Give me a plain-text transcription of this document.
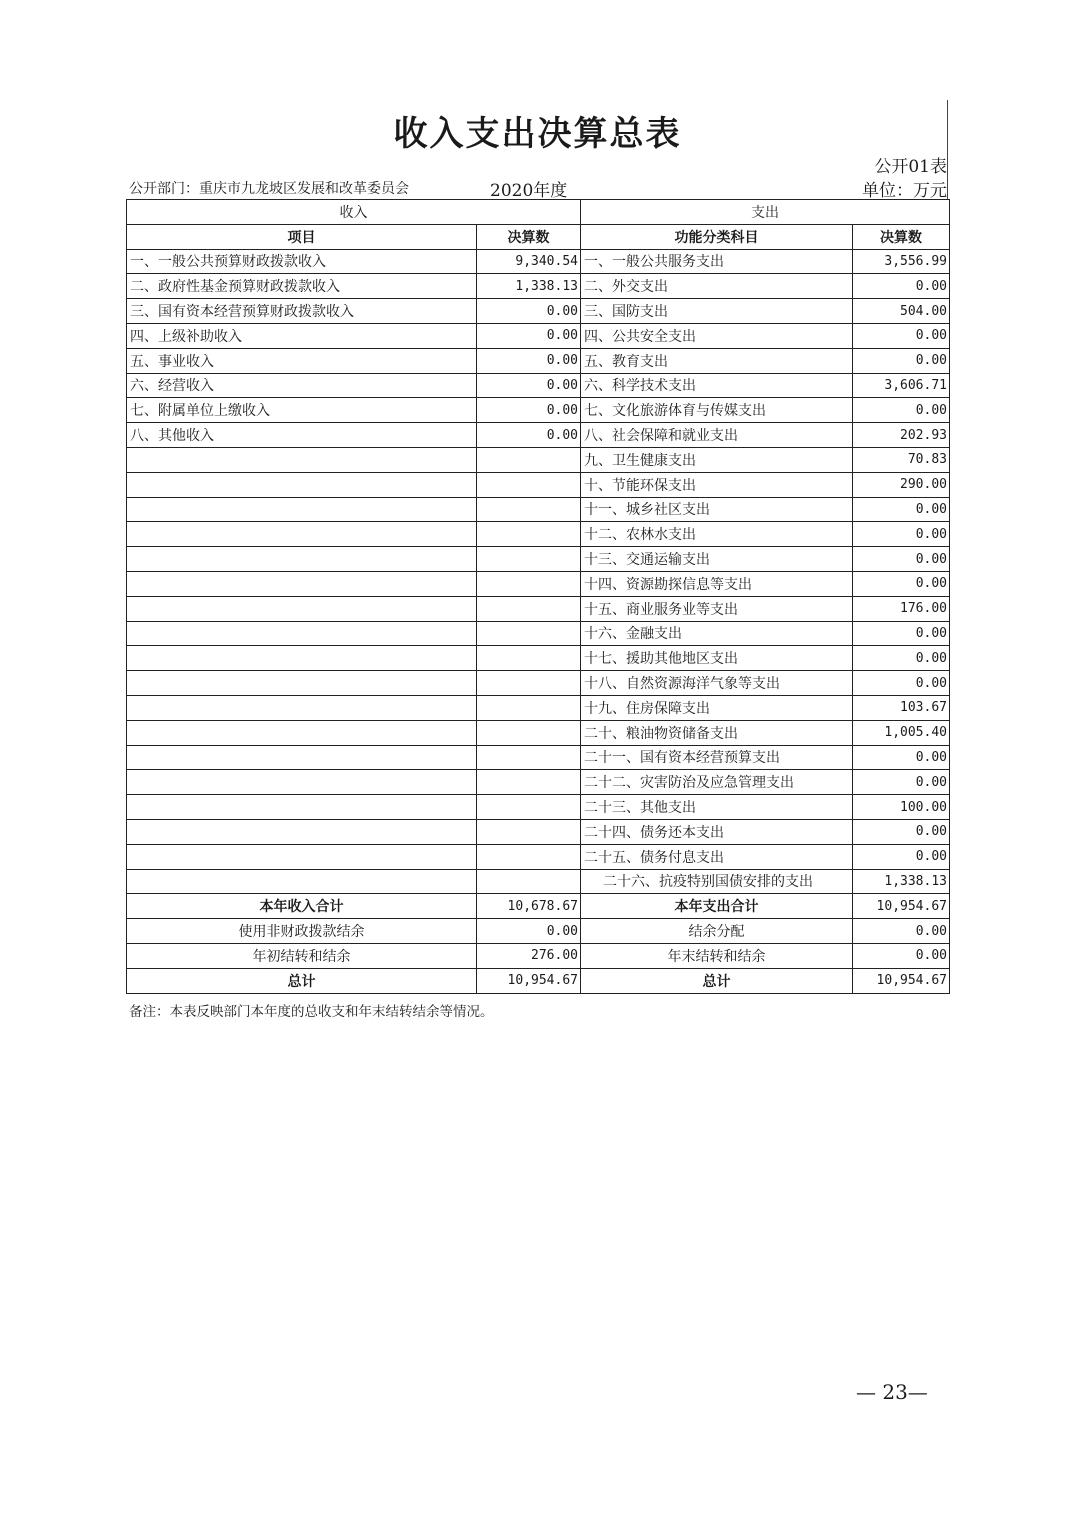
收入支出决算总表
公开01表
公开部门：重庆市九龙坡区发展和改革委员会	2020年度	单位：万元
收入		支出	
项目	决算数	功能分类科目	决算数
一、一般公共预算财政拨款收入	9,340.54	一、一般公共服务支出	3,556.99
二、政府性基金预算财政拨款收入	1,338.13	二、外交支出	0.00
三、国有资本经营预算财政拨款收入	0.00	三、国防支出	504.00
四、上级补助收入	0.00	四、公共安全支出	0.00
五、事业收入	0.00	五、教育支出	0.00
六、经营收入	0.00	六、科学技术支出	3,606.71
七、附属单位上缴收入	0.00	七、文化旅游体育与传媒支出	0.00
八、其他收入	0.00	八、社会保障和就业支出	202.93
		九、卫生健康支出	70.83
		十、节能环保支出	290.00
		十一、城乡社区支出	0.00
		十二、农林水支出	0.00
		十三、交通运输支出	0.00
		十四、资源勘探信息等支出	0.00
		十五、商业服务业等支出	176.00
		十六、金融支出	0.00
		十七、援助其他地区支出	0.00
		十八、自然资源海洋气象等支出	0.00
		十九、住房保障支出	103.67
		二十、粮油物资储备支出	1,005.40
		二十一、国有资本经营预算支出	0.00
		二十二、灾害防治及应急管理支出	0.00
		二十三、其他支出	100.00
		二十四、债务还本支出	0.00
		二十五、债务付息支出	0.00
		二十六、抗疫特别国债安排的支出	1,338.13
本年收入合计	10,678.67	本年支出合计	10,954.67
使用非财政拨款结余	0.00	结余分配	0.00
年初结转和结余	276.00	年末结转和结余	0.00
总计	10,954.67	总计	10,954.67
备注：本表反映部门本年度的总收支和年末结转结余等情况。
— 23—
